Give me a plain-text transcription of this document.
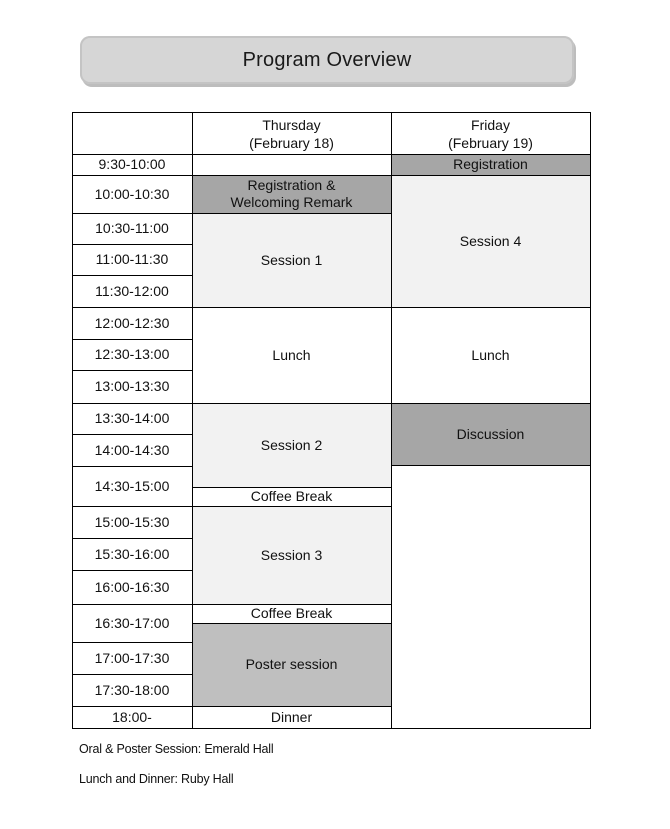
Program Overview
Registration &
Welcoming Remark
Session 1
Lunch
Session 2
Coffee Break
Session 3
Coffee Break
Poster session
Dinner
Registration
Session 4
Lunch
Discussion
Thursday
(February 18)
Friday
(February 19)
9:30-10:00
10:00-10:30
10:30-11:00
11:00-11:30
11:30-12:00
12:00-12:30
12:30-13:00
13:00-13:30
13:30-14:00
14:00-14:30
14:30-15:00
15:00-15:30
15:30-16:00
16:00-16:30
16:30-17:00
17:00-17:30
17:30-18:00
18:00-
Oral & Poster Session: Emerald Hall
Lunch and Dinner: Ruby Hall
